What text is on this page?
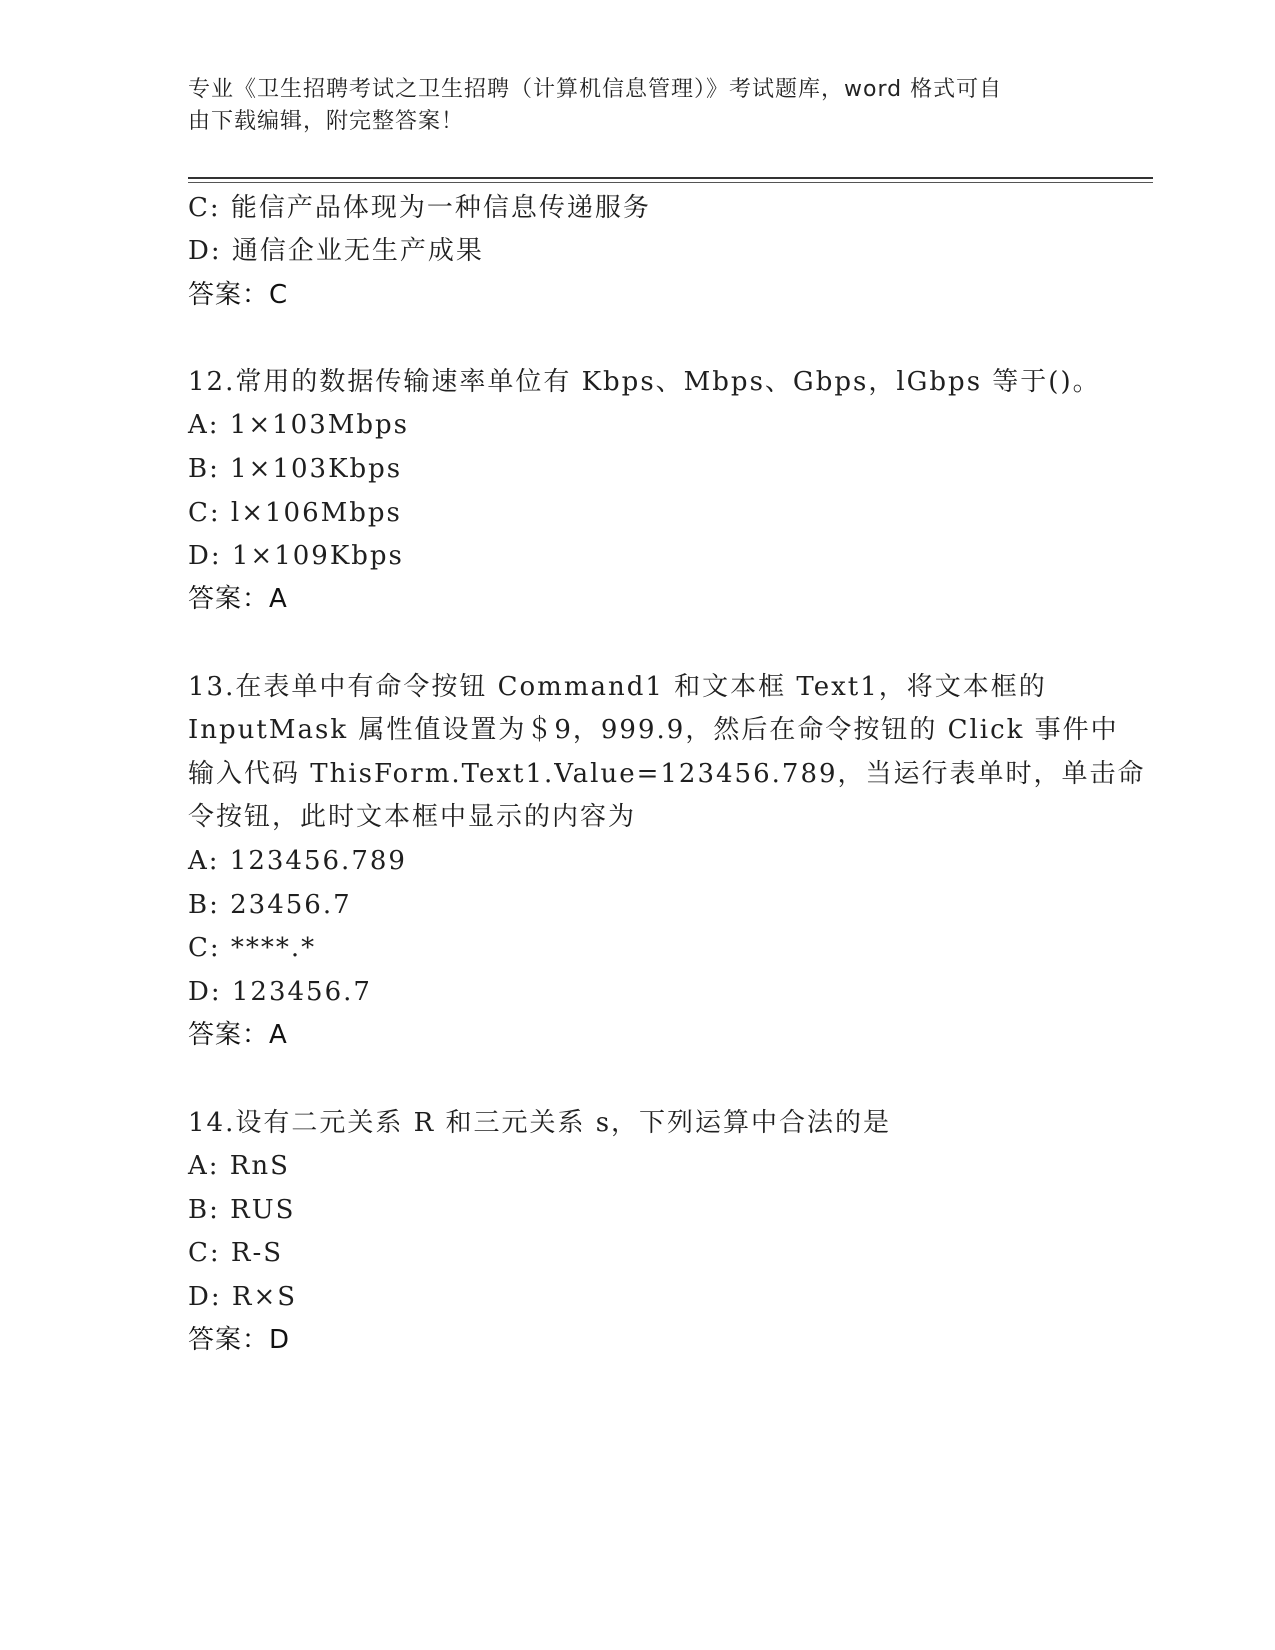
专业《卫生招聘考试之卫生招聘（计算机信息管理）》考试题库，word 格式可自
由下载编辑，附完整答案！
C: 能信产品体现为一种信息传递服务
D: 通信企业无生产成果
答案：C
12.常用的数据传输速率单位有 Kbps、Mbps、Gbps，lGbps 等于()。
A: 1×103Mbps
B: 1×103Kbps
C: l×106Mbps
D: 1×109Kbps
答案：A
13.在表单中有命令按钮 Command1 和文本框 Text1，将文本框的
InputMask 属性值设置为＄9，999.9，然后在命令按钮的 Click 事件中
输入代码 ThisForm.Text1.Value=123456.789，当运行表单时，单击命
令按钮，此时文本框中显示的内容为
A: 123456.789
B: 23456.7
C: ****.*
D: 123456.7
答案：A
14.设有二元关系 R 和三元关系 s，下列运算中合法的是
A: RnS
B: RUS
C: R-S
D: R×S
答案：D
